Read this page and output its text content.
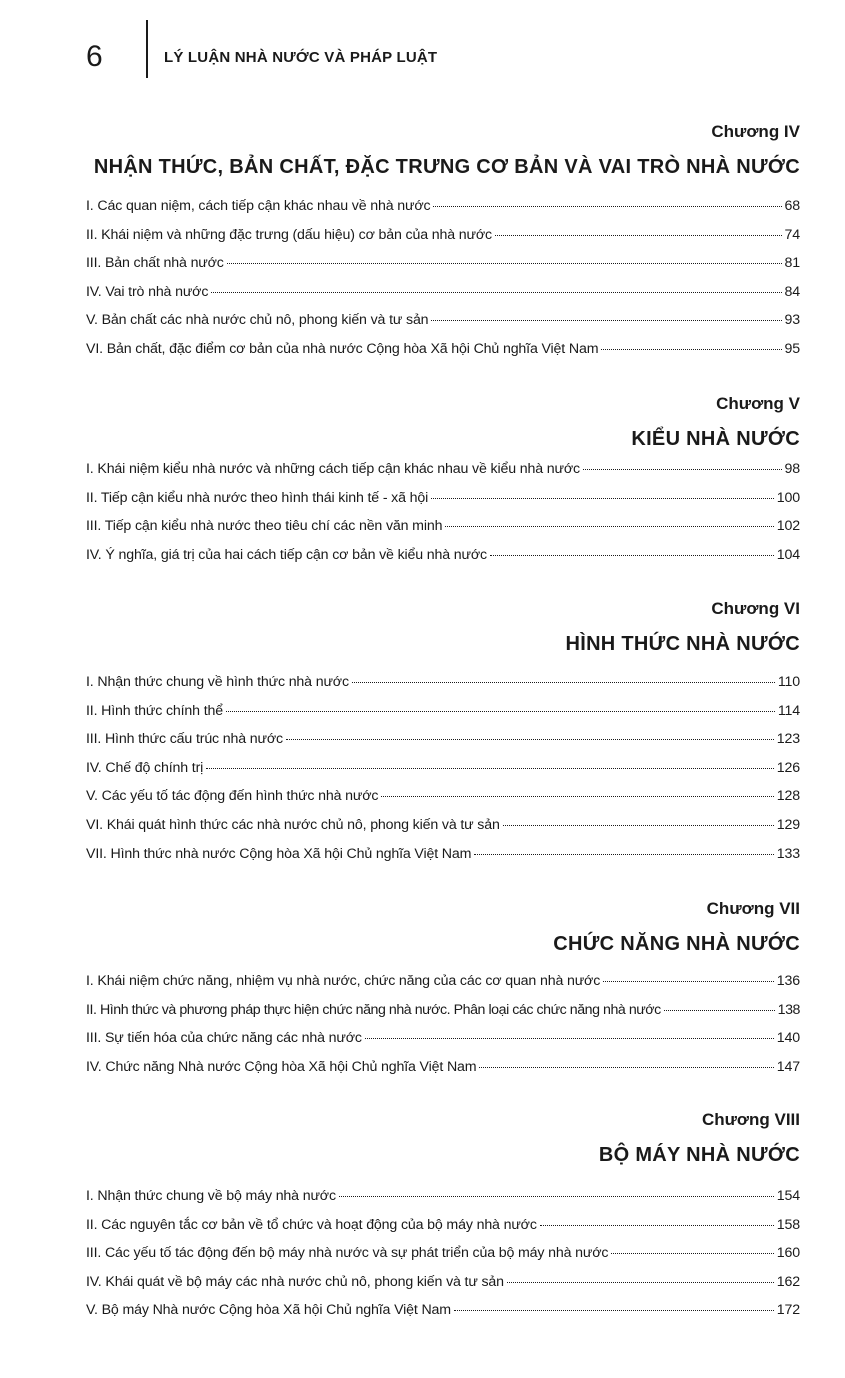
6	LÝ LUẬN NHÀ NƯỚC VÀ PHÁP LUẬT
Chương IV
NHẬN THỨC, BẢN CHẤT, ĐẶC TRƯNG CƠ BẢN VÀ VAI TRÒ NHÀ NƯỚC
I. Các quan niệm, cách tiếp cận khác nhau về nhà nước	68
II. Khái niệm và những đặc trưng (dấu hiệu) cơ bản của nhà nước	74
III. Bản chất nhà nước	81
IV. Vai trò nhà nước	84
V. Bản chất các nhà nước chủ nô, phong kiến và tư sản	93
VI. Bản chất, đặc điểm cơ bản của nhà nước Cộng hòa Xã hội Chủ nghĩa Việt Nam	95
Chương V
KIỂU NHÀ NƯỚC
I. Khái niệm kiểu nhà nước và những cách tiếp cận khác nhau về kiểu nhà nước	98
II. Tiếp cận kiểu nhà nước theo hình thái kinh tế - xã hội	100
III. Tiếp cận kiểu nhà nước theo tiêu chí các nền văn minh	102
IV. Ý nghĩa, giá trị của hai cách tiếp cận cơ bản về kiểu nhà nước	104
Chương VI
HÌNH THỨC NHÀ NƯỚC
I. Nhận thức chung về hình thức nhà nước	110
II. Hình thức chính thể	114
III. Hình thức cấu trúc nhà nước	123
IV. Chế độ chính trị	126
V. Các yếu tố tác động đến hình thức nhà nước	128
VI. Khái quát hình thức các nhà nước chủ nô, phong kiến và tư sản	129
VII. Hình thức nhà nước Cộng hòa Xã hội Chủ nghĩa Việt Nam	133
Chương VII
CHỨC NĂNG NHÀ NƯỚC
I. Khái niệm chức năng, nhiệm vụ nhà nước, chức năng của các cơ quan nhà nước	136
II. Hình thức và phương pháp thực hiện chức năng nhà nước. Phân loại các chức năng nhà nước	138
III. Sự tiến hóa của chức năng các nhà nước	140
IV. Chức năng Nhà nước Cộng hòa Xã hội Chủ nghĩa Việt Nam	147
Chương VIII
BỘ MÁY NHÀ NƯỚC
I. Nhận thức chung về bộ máy nhà nước	154
II. Các nguyên tắc cơ bản về tổ chức và hoạt động của bộ máy nhà nước	158
III. Các yếu tố tác động đến bộ máy nhà nước và sự phát triển của bộ máy nhà nước	160
IV. Khái quát về bộ máy các nhà nước chủ nô, phong kiến và tư sản	162
V. Bộ máy Nhà nước Cộng hòa Xã hội Chủ nghĩa Việt Nam	172
